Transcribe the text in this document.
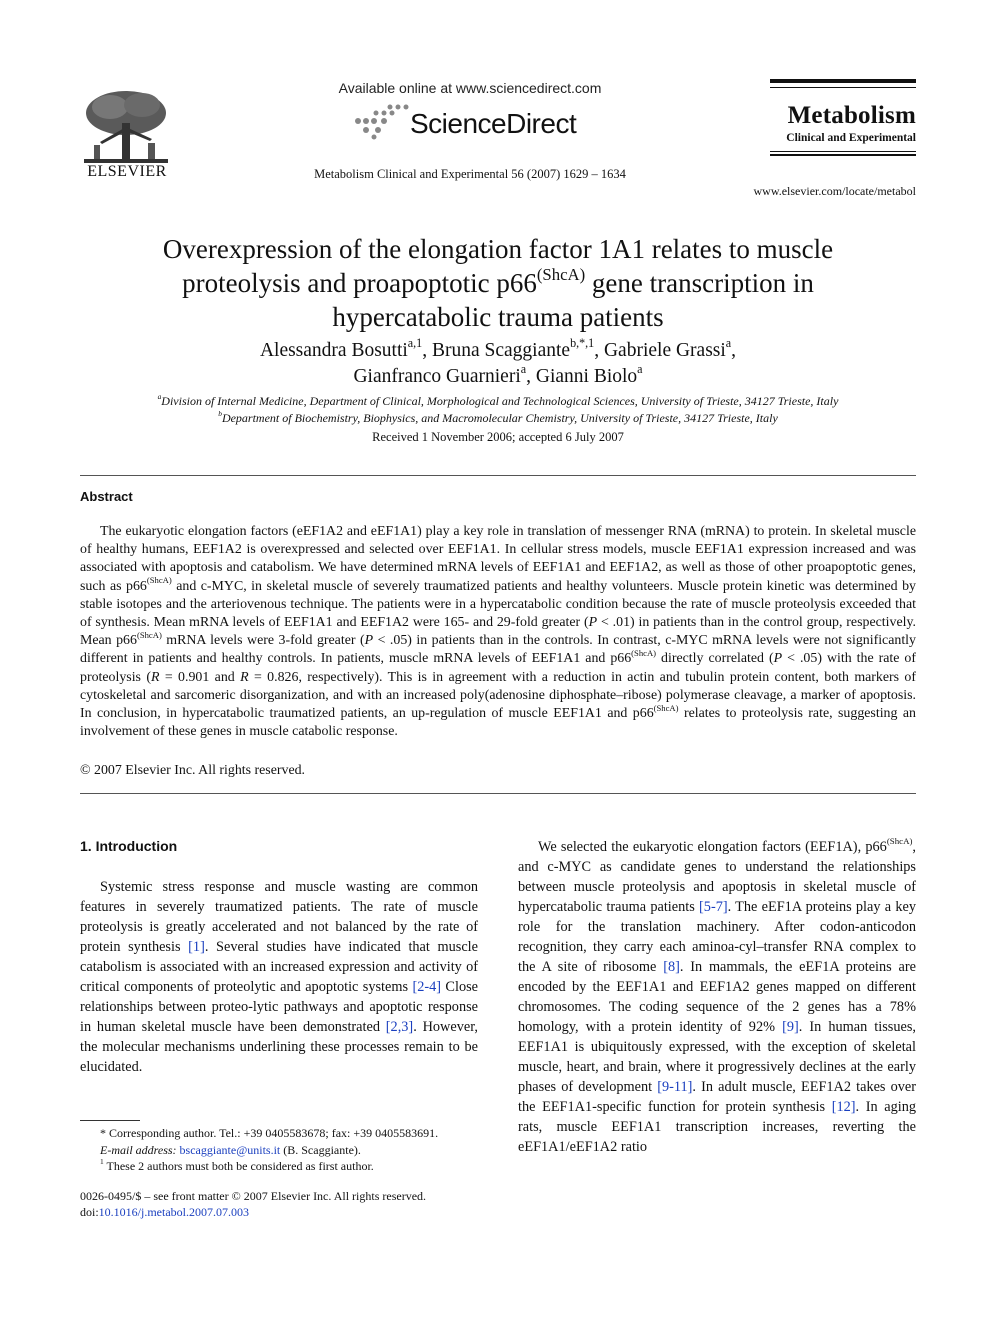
ELSEVIER
Available online at www.sciencedirect.com
ScienceDirect
Metabolism Clinical and Experimental 56 (2007) 1629 – 1634
Metabolism
Clinical and Experimental
www.elsevier.com/locate/metabol
Overexpression of the elongation factor 1A1 relates to muscle
proteolysis and proapoptotic $p66^{(ShcA)}$ gene transcription in
hypercatabolic trauma patients
Alessandra Bosutti$^{a,1}$, Bruna Scaggiante$^{b,*,1}$, Gabriele Grassi$^a$,
Gianfranco Guarnieri$^a$, Gianni Biolo$^a$
$^a$Division of Internal Medicine, Department of Clinical, Morphological and Technological Sciences, University of Trieste, 34127 Trieste, Italy
$^b$Department of Biochemistry, Biophysics, and Macromolecular Chemistry, University of Trieste, 34127 Trieste, Italy
Received 1 November 2006; accepted 6 July 2007
Abstract
The eukaryotic elongation factors (eEF1A2 and eEF1A1) play a key role in translation of messenger RNA (mRNA) to protein. In skeletal muscle of healthy humans, EEF1A2 is overexpressed and selected over EEF1A1. In cellular stress models, muscle EEF1A1 expression increased and was associated with apoptosis and catabolism. We have determined mRNA levels of EEF1A1 and EEF1A2, as well as those of other proapoptotic genes, such as $p66^{(ShcA)}$ and c-MYC, in skeletal muscle of severely traumatized patients and healthy volunteers. Muscle protein kinetic was determined by stable isotopes and the arteriovenous technique. The patients were in a hypercatabolic condition because the rate of muscle proteolysis exceeded that of synthesis. Mean mRNA levels of EEF1A1 and EEF1A2 were 165- and 29-fold greater (P < .01) in patients than in the control group, respectively. Mean $p66^{(ShcA)}$ mRNA levels were 3-fold greater (P < .05) in patients than in the controls. In contrast, c-MYC mRNA levels were not significantly different in patients and healthy controls. In patients, muscle mRNA levels of EEF1A1 and $p66^{(ShcA)}$ directly correlated (P < .05) with the rate of proteolysis (R = 0.901 and R = 0.826, respectively). This is in agreement with a reduction in actin and tubulin protein content, both markers of cytoskeletal and sarcomeric disorganization, and with an increased poly(adenosine diphosphate–ribose) polymerase cleavage, a marker of apoptosis. In conclusion, in hypercatabolic traumatized patients, an up-regulation of muscle EEF1A1 and $p66^{(ShcA)}$ relates to proteolysis rate, suggesting an involvement of these genes in muscle catabolic response.
© 2007 Elsevier Inc. All rights reserved.
1. Introduction
Systemic stress response and muscle wasting are common features in severely traumatized patients. The rate of muscle proteolysis is greatly accelerated and not balanced by the rate of protein synthesis [1]. Several studies have indicated that muscle catabolism is associated with an increased expression and activity of critical components of proteolytic and apoptotic systems [2-4] Close relationships between proteo-lytic pathways and apoptotic response in human skeletal muscle have been demonstrated [2,3]. However, the molecular mechanisms underlining these processes remain to be elucidated.
We selected the eukaryotic elongation factors (EEF1A), $p66^{(ShcA)}$, and c-MYC as candidate genes to understand the relationships between muscle proteolysis and apoptosis in skeletal muscle of hypercatabolic trauma patients [5-7]. The eEF1A proteins play a key role for the translation machinery. After codon-anticodon recognition, they carry each aminoa-cyl–transfer RNA complex to the A site of ribosome [8]. In mammals, the eEF1A proteins are encoded by the EEF1A1 and EEF1A2 genes mapped on different chromosomes. The coding sequence of the 2 genes has a 78% homology, with a protein identity of 92% [9]. In human tissues, EEF1A1 is ubiquitously expressed, with the exception of skeletal muscle, heart, and brain, where it progressively declines at the early phases of development [9-11]. In adult muscle, EEF1A2 takes over the EEF1A1-specific function for protein synthesis [12]. In aging rats, muscle EEF1A1 transcription increases, reverting the eEF1A1/eEF1A2 ratio
* Corresponding author. Tel.: +39 0405583678; fax: +39 0405583691.
E-mail address: bscaggiante@units.it (B. Scaggiante).
$^1$ These 2 authors must both be considered as first author.
0026-0495/$ – see front matter © 2007 Elsevier Inc. All rights reserved.
doi:10.1016/j.metabol.2007.07.003
